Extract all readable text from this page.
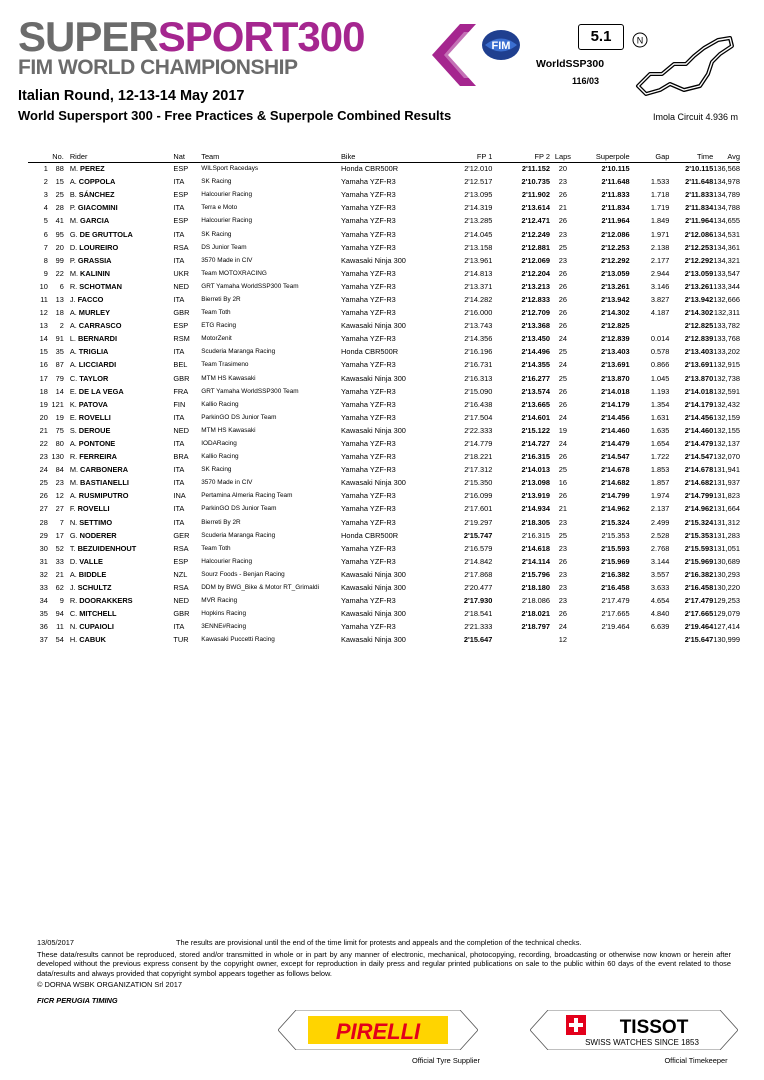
SUPERSPORT300
FIM WORLD CHAMPIONSHIP
FIM
Italian Round, 12-13-14 May 2017
World Supersport 300 - Free Practices & Superpole Combined Results
5.1
WorldSSP300
116/03
N
Imola Circuit 4.936 m
	No.	Rider	Nat	Team	Bike	FP 1	FP 2	Laps	Superpole	Gap	Time	Avg
1	88	M. PEREZ	ESP	WILSport Racedays	Honda CBR500R	2'12.010	2'11.152	20	2'10.115		2'10.115	136,568
2	15	A. COPPOLA	ITA	SK Racing	Yamaha YZF-R3	2'12.517	2'10.735	23	2'11.648	1.533	2'11.648	134,978
3	25	B. SÁNCHEZ	ESP	Halcourier Racing	Yamaha YZF-R3	2'13.095	2'11.902	26	2'11.833	1.718	2'11.833	134,789
4	28	P. GIACOMINI	ITA	Terra e Moto	Yamaha YZF-R3	2'14.319	2'13.614	21	2'11.834	1.719	2'11.834	134,788
5	41	M. GARCIA	ESP	Halcourier Racing	Yamaha YZF-R3	2'13.285	2'12.471	26	2'11.964	1.849	2'11.964	134,655
6	95	G. DE GRUTTOLA	ITA	SK Racing	Yamaha YZF-R3	2'14.045	2'12.249	23	2'12.086	1.971	2'12.086	134,531
7	20	D. LOUREIRO	RSA	DS Junior Team	Yamaha YZF-R3	2'13.158	2'12.881	25	2'12.253	2.138	2'12.253	134,361
8	99	P. GRASSIA	ITA	3570 Made in CIV	Kawasaki Ninja 300	2'13.961	2'12.069	23	2'12.292	2.177	2'12.292	134,321
9	22	M. KALININ	UKR	Team MOTOXRACING	Yamaha YZF-R3	2'14.813	2'12.204	26	2'13.059	2.944	2'13.059	133,547
10	6	R. SCHOTMAN	NED	GRT Yamaha WorldSSP300 Team	Yamaha YZF-R3	2'13.371	2'13.213	26	2'13.261	3.146	2'13.261	133,344
11	13	J. FACCO	ITA	Bierreti By 2R	Yamaha YZF-R3	2'14.282	2'12.833	26	2'13.942	3.827	2'13.942	132,666
12	18	A. MURLEY	GBR	Team Toth	Yamaha YZF-R3	2'16.000	2'12.709	26	2'14.302	4.187	2'14.302	132,311
13	2	A. CARRASCO	ESP	ETG Racing	Kawasaki Ninja 300	2'13.743	2'13.368	26	2'12.825		2'12.825	133,782
14	91	L. BERNARDI	RSM	MotorZenit	Yamaha YZF-R3	2'14.356	2'13.450	24	2'12.839	0.014	2'12.839	133,768
15	35	A. TRIGLIA	ITA	Scuderia Maranga Racing	Honda CBR500R	2'16.196	2'14.496	25	2'13.403	0.578	2'13.403	133,202
16	87	A. LICCIARDI	BEL	Team Trasimeno	Yamaha YZF-R3	2'16.731	2'14.355	24	2'13.691	0.866	2'13.691	132,915
17	79	C. TAYLOR	GBR	MTM HS Kawasaki	Kawasaki Ninja 300	2'16.313	2'16.277	25	2'13.870	1.045	2'13.870	132,738
18	14	E. DE LA VEGA	FRA	GRT Yamaha WorldSSP300 Team	Yamaha YZF-R3	2'15.090	2'13.574	26	2'14.018	1.193	2'14.018	132,591
19	121	K. PATOVA	FIN	Kallio Racing	Yamaha YZF-R3	2'16.438	2'13.665	26	2'14.179	1.354	2'14.179	132,432
20	19	E. ROVELLI	ITA	ParkinGO DS Junior Team	Yamaha YZF-R3	2'17.504	2'14.601	24	2'14.456	1.631	2'14.456	132,159
21	75	S. DEROUE	NED	MTM HS Kawasaki	Kawasaki Ninja 300	2'22.333	2'15.122	19	2'14.460	1.635	2'14.460	132,155
22	80	A. PONTONE	ITA	IODARacing	Yamaha YZF-R3	2'14.779	2'14.727	24	2'14.479	1.654	2'14.479	132,137
23	130	R. FERREIRA	BRA	Kallio Racing	Yamaha YZF-R3	2'18.221	2'16.315	26	2'14.547	1.722	2'14.547	132,070
24	84	M. CARBONERA	ITA	SK Racing	Yamaha YZF-R3	2'17.312	2'14.013	25	2'14.678	1.853	2'14.678	131,941
25	23	M. BASTIANELLI	ITA	3570 Made in CIV	Kawasaki Ninja 300	2'15.350	2'13.098	16	2'14.682	1.857	2'14.682	131,937
26	12	A. RUSMIPUTRO	INA	Pertamina Almeria Racing Team	Yamaha YZF-R3	2'16.099	2'13.919	26	2'14.799	1.974	2'14.799	131,823
27	27	F. ROVELLI	ITA	ParkinGO DS Junior Team	Yamaha YZF-R3	2'17.601	2'14.934	21	2'14.962	2.137	2'14.962	131,664
28	7	N. SETTIMO	ITA	Bierreti By 2R	Yamaha YZF-R3	2'19.297	2'18.305	23	2'15.324	2.499	2'15.324	131,312
29	17	G. NODERER	GER	Scuderia Maranga Racing	Honda CBR500R	2'15.747	2'16.315	25	2'15.353	2.528	2'15.353	131,283
30	52	T. BEZUIDENHOUT	RSA	Team Toth	Yamaha YZF-R3	2'16.579	2'14.618	23	2'15.593	2.768	2'15.593	131,051
31	33	D. VALLE	ESP	Halcourier Racing	Yamaha YZF-R3	2'14.842	2'14.114	26	2'15.969	3.144	2'15.969	130,689
32	21	A. BIDDLE	NZL	Sourz Foods - Benjan Racing	Kawasaki Ninja 300	2'17.868	2'15.796	23	2'16.382	3.557	2'16.382	130,293
33	62	J. SCHULTZ	RSA	DDM by BWG_Bike & Motor RT_Grimaldi	Kawasaki Ninja 300	2'20.477	2'18.180	23	2'16.458	3.633	2'16.458	130,220
34	9	R. DOORAKKERS	NED	MVR Racing	Yamaha YZF-R3	2'17.930	2'18.086	23	2'17.479	4.654	2'17.479	129,253
35	94	C. MITCHELL	GBR	Hopkins Racing	Kawasaki Ninja 300	2'18.541	2'18.021	26	2'17.665	4.840	2'17.665	129,079
36	11	N. CUPAIOLI	ITA	3ENNE#Racing	Yamaha YZF-R3	2'21.333	2'18.797	24	2'19.464	6.639	2'19.464	127,414
37	54	H. CABUK	TUR	Kawasaki Puccetti Racing	Kawasaki Ninja 300	2'15.647		12			2'15.647	130,999
13/05/2017	The results are provisional until the end of the time limit for protests and appeals and the completion of the technical checks.
These data/results cannot be reproduced, stored and/or transmitted in whole or in part by any manner of electronic, mechanical, photocopying, recording, broadcasting or otherwise now known or herein after developed without the previous express consent by the copyright owner, except for reproduction in daily press and regular printed publications on sale to the public within 60 days of the event related to those data/results and always provided that copyright symbol appears together as follows below.
© DORNA WSBK ORGANIZATION Srl 2017
FICR PERUGIA TIMING
PIRELLI	TISSOT
SWISS WATCHES SINCE 1853
Official Tyre Supplier	Official Timekeeper
